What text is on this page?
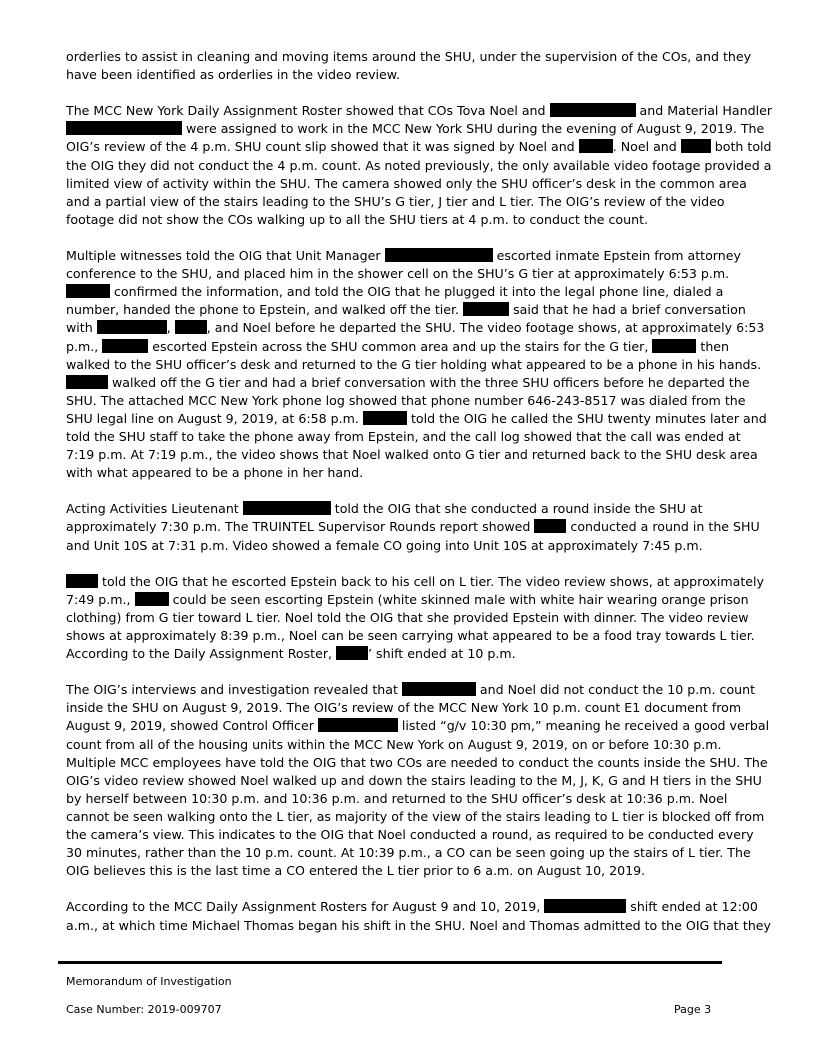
orderlies to assist in cleaning and moving items around the SHU, under the supervision of the COs, and they have been identified as orderlies in the video review.

The MCC New York Daily Assignment Roster showed that COs Tova Noel and	and Material Handler  were assigned to work in the MCC New York SHU during the evening of August 9, 2019. The OIG’s review of the 4 p.m. SHU count slip showed that it was signed by Noel and	. Noel and  both told the OIG they did not conduct the 4 p.m. count. As noted previously, the only available video footage provided a limited view of activity within the SHU. The camera showed only the SHU officer’s desk in the common area and a partial view of the stairs leading to the SHU’s G tier, J tier and L tier. The OIG’s review of the video footage did not show the COs walking up to all the SHU tiers at 4 p.m. to conduct the count.

Multiple witnesses told the OIG that Unit Manager	escorted inmate Epstein from attorney conference to the SHU, and placed him in the shower cell on the SHU’s G tier at approximately 6:53 p.m.  confirmed the information, and told the OIG that he plugged it into the legal phone line, dialed a number, handed the phone to Epstein, and walked off the tier.	said that he had a brief conversation with	,	, and Noel before he departed the SHU. The video footage shows, at approximately 6:53 p.m.,	escorted Epstein across the SHU common area and up the stairs for the G tier,	then walked to the SHU officer’s desk and returned to the G tier holding what appeared to be a phone in his hands.  walked off the G tier and had a brief conversation with the three SHU officers before he departed the SHU. The attached MCC New York phone log showed that phone number 646-243-8517 was dialed from the SHU legal line on August 9, 2019, at 6:58 p.m.	told the OIG he called the SHU twenty minutes later and told the SHU staff to take the phone away from Epstein, and the call log showed that the call was ended at 7:19 p.m. At 7:19 p.m., the video shows that Noel walked onto G tier and returned back to the SHU desk area with what appeared to be a phone in her hand.

Acting Activities Lieutenant	told the OIG that she conducted a round inside the SHU at approximately 7:30 p.m. The TRUINTEL Supervisor Rounds report showed	conducted a round in the SHU and Unit 10S at 7:31 p.m. Video showed a female CO going into Unit 10S at approximately 7:45 p.m.

told the OIG that he escorted Epstein back to his cell on L tier. The video review shows, at approximately 7:49 p.m.,	could be seen escorting Epstein (white skinned male with white hair wearing orange prison clothing) from G tier toward L tier. Noel told the OIG that she provided Epstein with dinner. The video review shows at approximately 8:39 p.m., Noel can be seen carrying what appeared to be a food tray towards L tier. According to the Daily Assignment Roster,	’ shift ended at 10 p.m.

The OIG’s interviews and investigation revealed that	and Noel did not conduct the 10 p.m. count inside the SHU on August 9, 2019. The OIG’s review of the MCC New York 10 p.m. count E1 document from August 9, 2019, showed Control Officer	listed “g/v 10:30 pm,” meaning he received a good verbal count from all of the housing units within the MCC New York on August 9, 2019, on or before 10:30 p.m. Multiple MCC employees have told the OIG that two COs are needed to conduct the counts inside the SHU. The OIG’s video review showed Noel walked up and down the stairs leading to the M, J, K, G and H tiers in the SHU by herself between 10:30 p.m. and 10:36 p.m. and returned to the SHU officer’s desk at 10:36 p.m. Noel cannot be seen walking onto the L tier, as majority of the view of the stairs leading to L tier is blocked off from the camera’s view. This indicates to the OIG that Noel conducted a round, as required to be conducted every 30 minutes, rather than the 10 p.m. count. At 10:39 p.m., a CO can be seen going up the stairs of L tier. The OIG believes this is the last time a CO entered the L tier prior to 6 a.m. on August 10, 2019.

According to the MCC Daily Assignment Rosters for August 9 and 10, 2019,	shift ended at 12:00 a.m., at which time Michael Thomas began his shift in the SHU. Noel and Thomas admitted to the OIG that they

Memorandum of Investigation
Case Number: 2019-009707	Page 3
